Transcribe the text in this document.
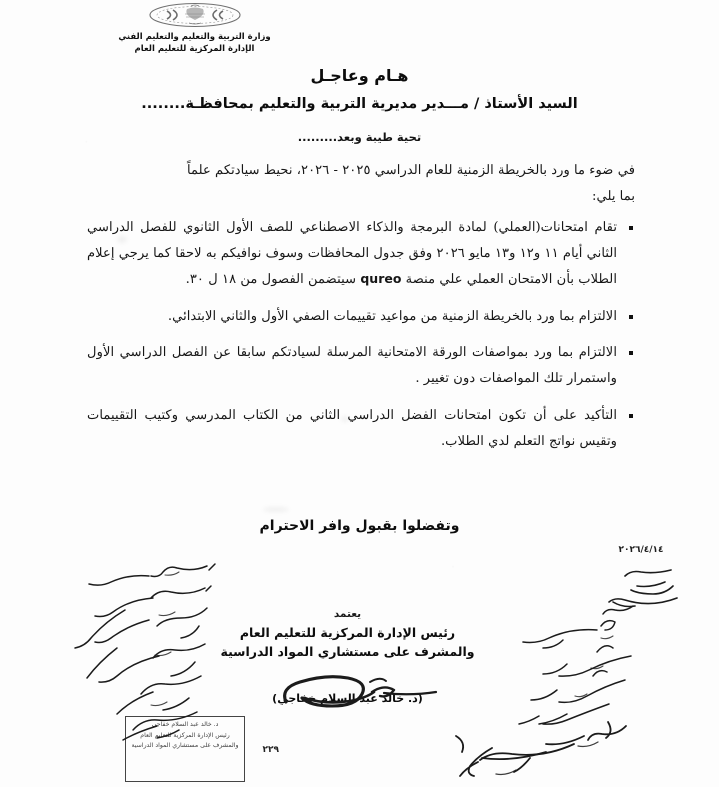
وزارة التربية والتعليم والتعليم الفني
الإدارة المركزية للتعليم العام
هـام وعاجـل
السيد الأستاذ / مـــدير مديرية التربية والتعليم بمحافظـة........
تحية طيبة وبعد.........

في ضوء ما ورد بالخريطة الزمنية للعام الدراسي ٢٠٢٥ - ٢٠٢٦، نحيط سيادتكم علماً
بما يلي:

تقام امتحانات(العملي) لمادة البرمجة والذكاء الاصطناعي للصف الأول الثانوي للفصل الدراسي الثاني أيام ١١ و١٢ و١٣ مايو ٢٠٢٦ وفق جدول المحافظات وسوف نوافيكم به لاحقا كما يرجي إعلام الطلاب بأن الامتحان العملي علي منصة qureo سيتضمن الفصول من ١٨ ل ٣٠.
الالتزام بما ورد بالخريطة الزمنية من مواعيد تقييمات الصفي الأول والثاني الابتدائي.
الالتزام بما ورد بمواصفات الورقة الامتحانية المرسلة لسيادتكم سابقا عن الفصل الدراسي الأول واستمرار تلك المواصفات دون تغيير .
التأكيد على أن تكون امتحانات الفضل الدراسي الثاني من الكتاب المدرسي وكتيب التقييمات وتقيس نواتج التعلم لدي الطلاب.
وتفضلوا بقبول وافر الاحترام
٢٠٢٦/٤/١٤
يعتمد
رئيس الإدارة المركزية للتعليم العام
والمشرف على مستشاري المواد الدراسية
(د. خالد عبد السلام خفاجي)
د. خالد عبد السلام خفاجي
رئيس الإدارة المركزية للتعليم العام
والمشرف على مستشاري المواد الدراسية	٢٢٩
